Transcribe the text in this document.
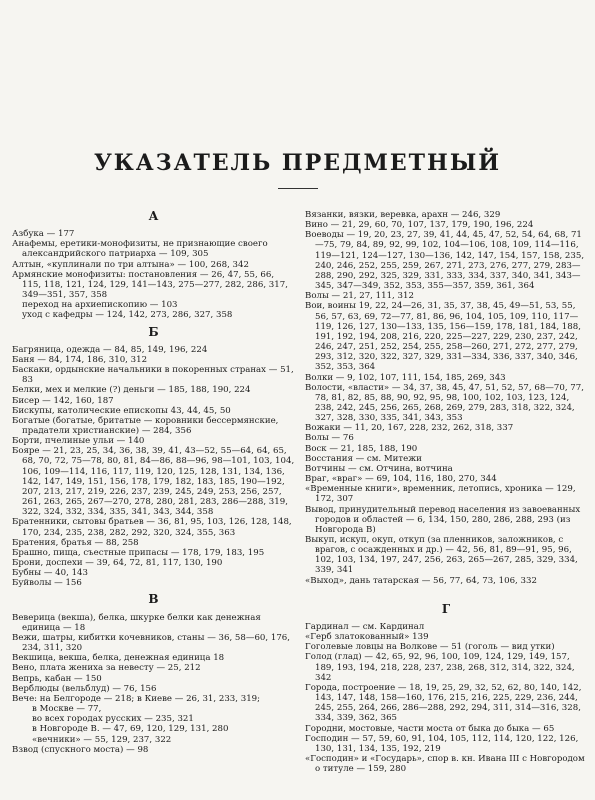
УКАЗАТЕЛЬ ПРЕДМЕТНЫЙ
А
Азбука — 177
Анафемы, еретики-монофизиты, не признающие своего александрийского патриарха — 109, 305
Алтын, «куплинали по три алтына» — 100, 268, 342
Армянские монофизиты: постановления — 26, 47, 55, 66, 115, 118, 121, 124, 129, 141—143, 275—277, 282, 286, 317, 349—351, 357, 358
переход на архиепископию — 103
уход с кафедры — 124, 142, 273, 286, 327, 358
Б
Багряница, одежда — 84, 85, 149, 196, 224
Баня — 84, 174, 186, 310, 312
Баскаки, ордынские начальники в покоренных странах — 51, 83
Белки, мех и мелкие (?) деньги — 185, 188, 190, 224
Бисер — 142, 160, 187
Бискупы, католические епископы 43, 44, 45, 50
Богатые (богатые, бритатые — коровники бессермянские, прадатели христианские) — 284, 356
Борти, пчелиные ульи — 140
Бояре — 21, 23, 25, 34, 36, 38, 39, 41, 43—52, 55—64, 64, 65, 68, 70, 72, 75—78, 80, 81, 84—86, 88—96, 98—101, 103, 104, 106, 109—114, 116, 117, 119, 120, 125, 128, 131, 134, 136, 142, 147, 149, 151, 156, 178, 179, 182, 183, 185, 190—192, 207, 213, 217, 219, 226, 237, 239, 245, 249, 253, 256, 257, 261, 263, 265, 267—270, 278, 280, 281, 283, 286—288, 319, 322, 324, 332, 334, 335, 341, 343, 344, 358
Братенники, сытовы братьев — 36, 81, 95, 103, 126, 128, 148, 170, 234, 235, 238, 282, 292, 320, 324, 355, 363
Братения, братья — 88, 258
Брашно, пища, съестные припасы — 178, 179, 183, 195
Брони, доспехи — 39, 64, 72, 81, 117, 130, 190
Бубны — 40, 143
Буйволы — 156
В
Веверица (векша), белка, шкурке белки как денежная единица — 18
Вежи, шатры, кибитки кочевников, станы — 36, 58—60, 176, 234, 311, 320
Векшица, векша, белка, денежная единица 18
Вено, плата жениха за невесту — 25, 212
Вепрь, кабан — 150
Верблюды (вельблуд) — 76, 156
Вече: на Белгороде — 218; в Киеве — 26, 31, 233, 319;
в Москве — 77,
во всех городах русских — 235, 321
в Новгороде В. — 47, 69, 120, 129, 131, 280
«вечники» — 55, 129, 237, 322
Взвод (спускного моста) — 98
Вязанки, вязки, веревка, арахн — 246, 329
Вино — 21, 29, 60, 70, 107, 137, 179, 190, 196, 224
Воеводы — 19, 20, 23, 27, 39, 41, 44, 45, 47, 52, 54, 64, 68, 71—75, 79, 84, 89, 92, 99, 102, 104—106, 108, 109, 114—116, 119—121, 124—127, 130—136, 142, 147, 154, 157, 158, 235, 240, 246, 252, 255, 259, 267, 271, 273, 276, 277, 279, 283—288, 290, 292, 325, 329, 331, 333, 334, 337, 340, 341, 343—345, 347—349, 352, 353, 355—357, 359, 361, 364
Волы — 21, 27, 111, 312
Вои, воины 19, 22, 24—26, 31, 35, 37, 38, 45, 49—51, 53, 55, 56, 57, 63, 69, 72—77, 81, 86, 96, 104, 105, 109, 110, 117—119, 126, 127, 130—133, 135, 156—159, 178, 181, 184, 188, 191, 192, 194, 208, 216, 220, 225—227, 229, 230, 237, 242, 246, 247, 251, 252, 254, 255, 258—260, 271, 272, 277, 279, 293, 312, 320, 322, 327, 329, 331—334, 336, 337, 340, 346, 352, 353, 364
Волки — 9, 102, 107, 111, 154, 185, 269, 343
Волости, «власти» — 34, 37, 38, 45, 47, 51, 52, 57, 68—70, 77, 78, 81, 82, 85, 88, 90, 92, 95, 98, 100, 102, 103, 123, 124, 238, 242, 245, 256, 265, 268, 269, 279, 283, 318, 322, 324, 327, 328, 330, 335, 341, 343, 353
Вожаки — 11, 20, 167, 228, 232, 262, 318, 337
Волы — 76
Воск — 21, 185, 188, 190
Восстания — см. Митежи
Вотчины — см. Отчина, вотчина
Враг, «враг» — 69, 104, 116, 180, 270, 344
«Временные книги», временник, летопись, хроника — 129, 172, 307
Вывод, принудительный перевод населения из завоеванных городов и областей — 6, 134, 150, 280, 286, 288, 293 (из Новгорода В)
Выкуп, искуп, окуп, откуп (за пленников, заложников, с врагов, с осажденных и др.) — 42, 56, 81, 89—91, 95, 96, 102, 103, 134, 197, 247, 256, 263, 265—267, 285, 329, 334, 339, 341
«Выход», дань татарская — 56, 77, 64, 73, 106, 332
Г
Гардинал — см. Кардинал
«Герб златокованный» 139
Гоголевые ловцы на Волкове — 51 (гоголь — вид утки)
Голод (глад) — 42, 65, 92, 96, 100, 109, 124, 129, 149, 157, 189, 193, 194, 218, 228, 237, 238, 268, 312, 314, 322, 324, 342
Города, построение — 18, 19, 25, 29, 32, 52, 62, 80, 140, 142, 143, 147, 148, 158—160, 176, 215, 216, 225, 229, 236, 244, 245, 255, 264, 266, 286—288, 292, 294, 311, 314—316, 328, 334, 339, 362, 365
Городни, мостовые, части моста от быка до быка — 65
Господин — 57, 59, 60, 91, 104, 105, 112, 114, 120, 122, 126, 130, 131, 134, 135, 192, 219
«Господин» и «Государь», спор в. кн. Ивана III с Новгородом о титуле — 159, 280
